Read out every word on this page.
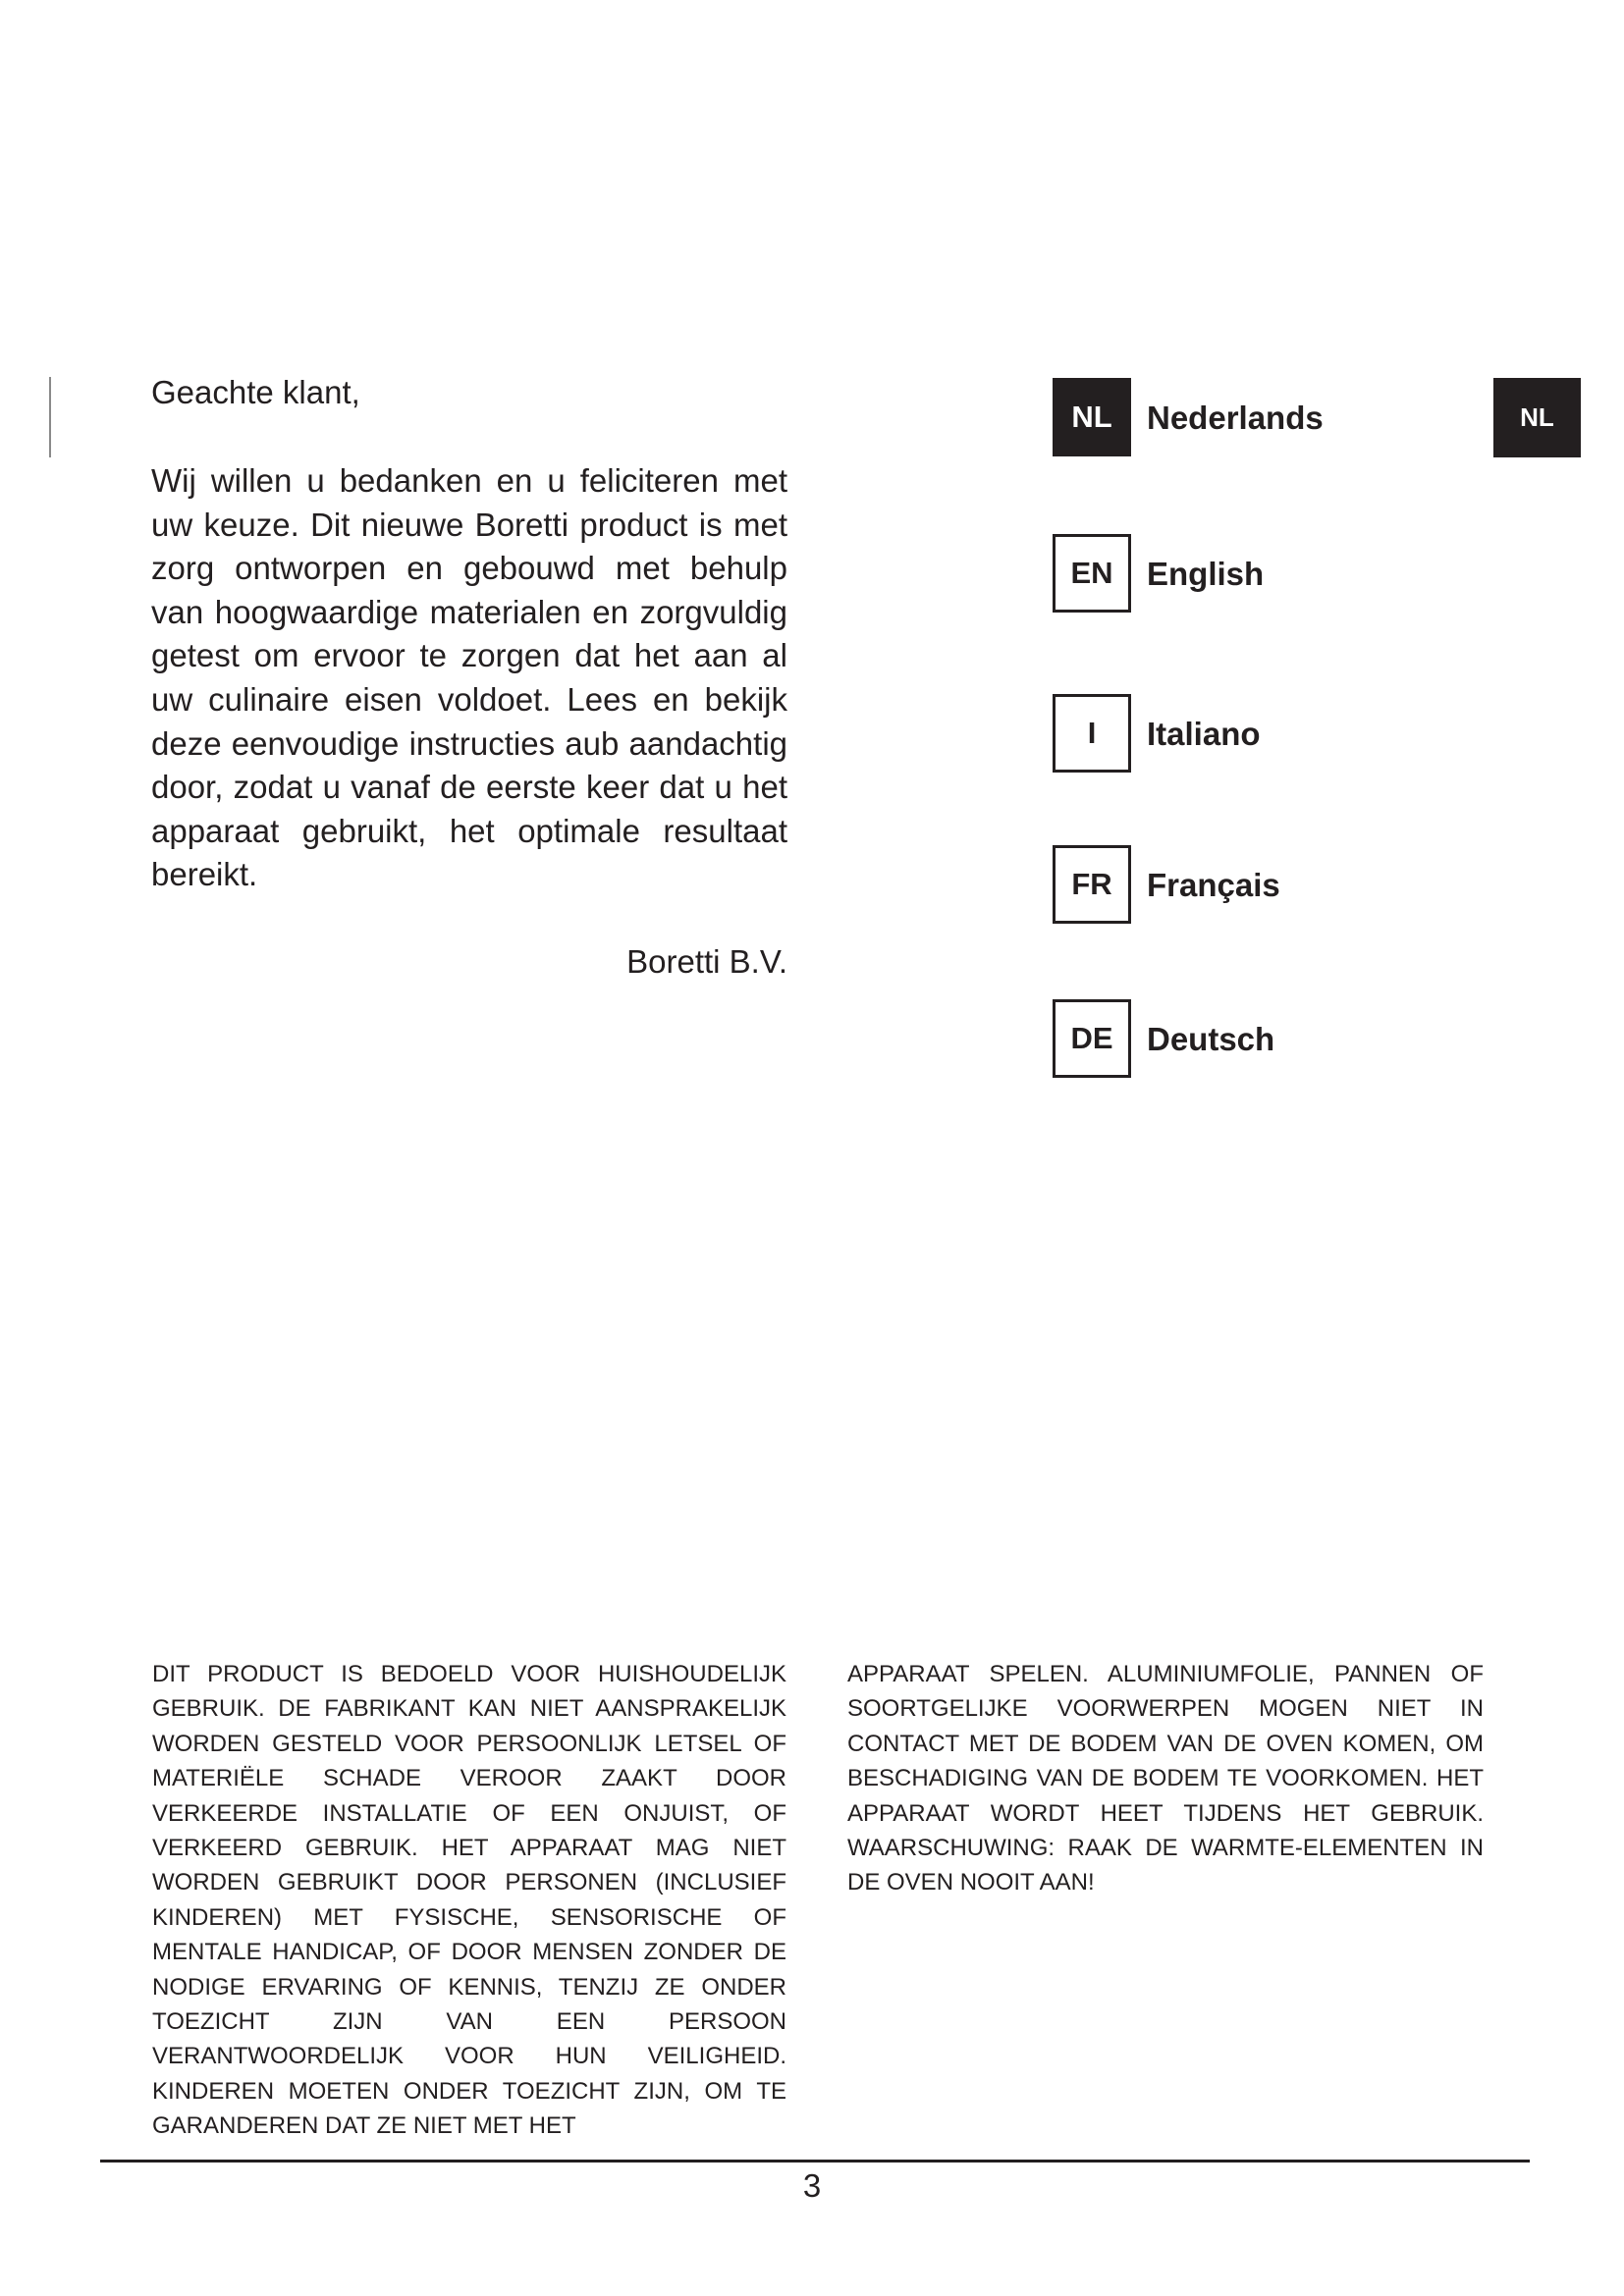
Geachte klant,

Wij willen u bedanken en u feliciteren met uw keuze. Dit nieuwe Boretti product is met zorg ontworpen en gebouwd met behulp van hoogwaardige materialen en zorgvuldig getest om ervoor te zorgen dat het aan al uw culinaire eisen voldoet. Lees en bekijk deze eenvoudige instructies aub aandachtig door, zodat u vanaf de eerste keer dat u het apparaat gebruikt, het optimale resultaat bereikt.

Boretti B.V.
NL	Nederlands
EN	English
I	Italiano
FR	Français
DE	Deutsch
NL

DIT PRODUCT IS BEDOELD VOOR HUISHOUDELIJK GEBRUIK. DE FABRIKANT KAN NIET AANSPRAKELIJK WORDEN GESTELD VOOR PERSOONLIJK LETSEL OF MATERIËLE SCHADE VEROOR ZAAKT DOOR VERKEERDE INSTALLATIE OF EEN ONJUIST, OF VERKEERD GEBRUIK. HET APPARAAT MAG NIET WORDEN GEBRUIKT DOOR PERSONEN (INCLUSIEF KINDEREN) MET FYSISCHE, SENSORISCHE OF MENTALE HANDICAP, OF DOOR MENSEN ZONDER DE NODIGE ERVARING OF KENNIS, TENZIJ ZE ONDER TOEZICHT ZIJN VAN EEN PERSOON VERANTWOORDELIJK VOOR HUN VEILIGHEID. KINDEREN MOETEN ONDER TOEZICHT ZIJN, OM TE GARANDEREN DAT ZE NIET MET HET

APPARAAT SPELEN. ALUMINIUMFOLIE, PANNEN OF SOORTGELIJKE VOORWERPEN MOGEN NIET IN CONTACT MET DE BODEM VAN DE OVEN KOMEN, OM BESCHADIGING VAN DE BODEM TE VOORKOMEN. HET APPARAAT WORDT HEET TIJDENS HET GEBRUIK. WAARSCHUWING: RAAK DE WARMTE-ELEMENTEN IN DE OVEN NOOIT AAN!

3
